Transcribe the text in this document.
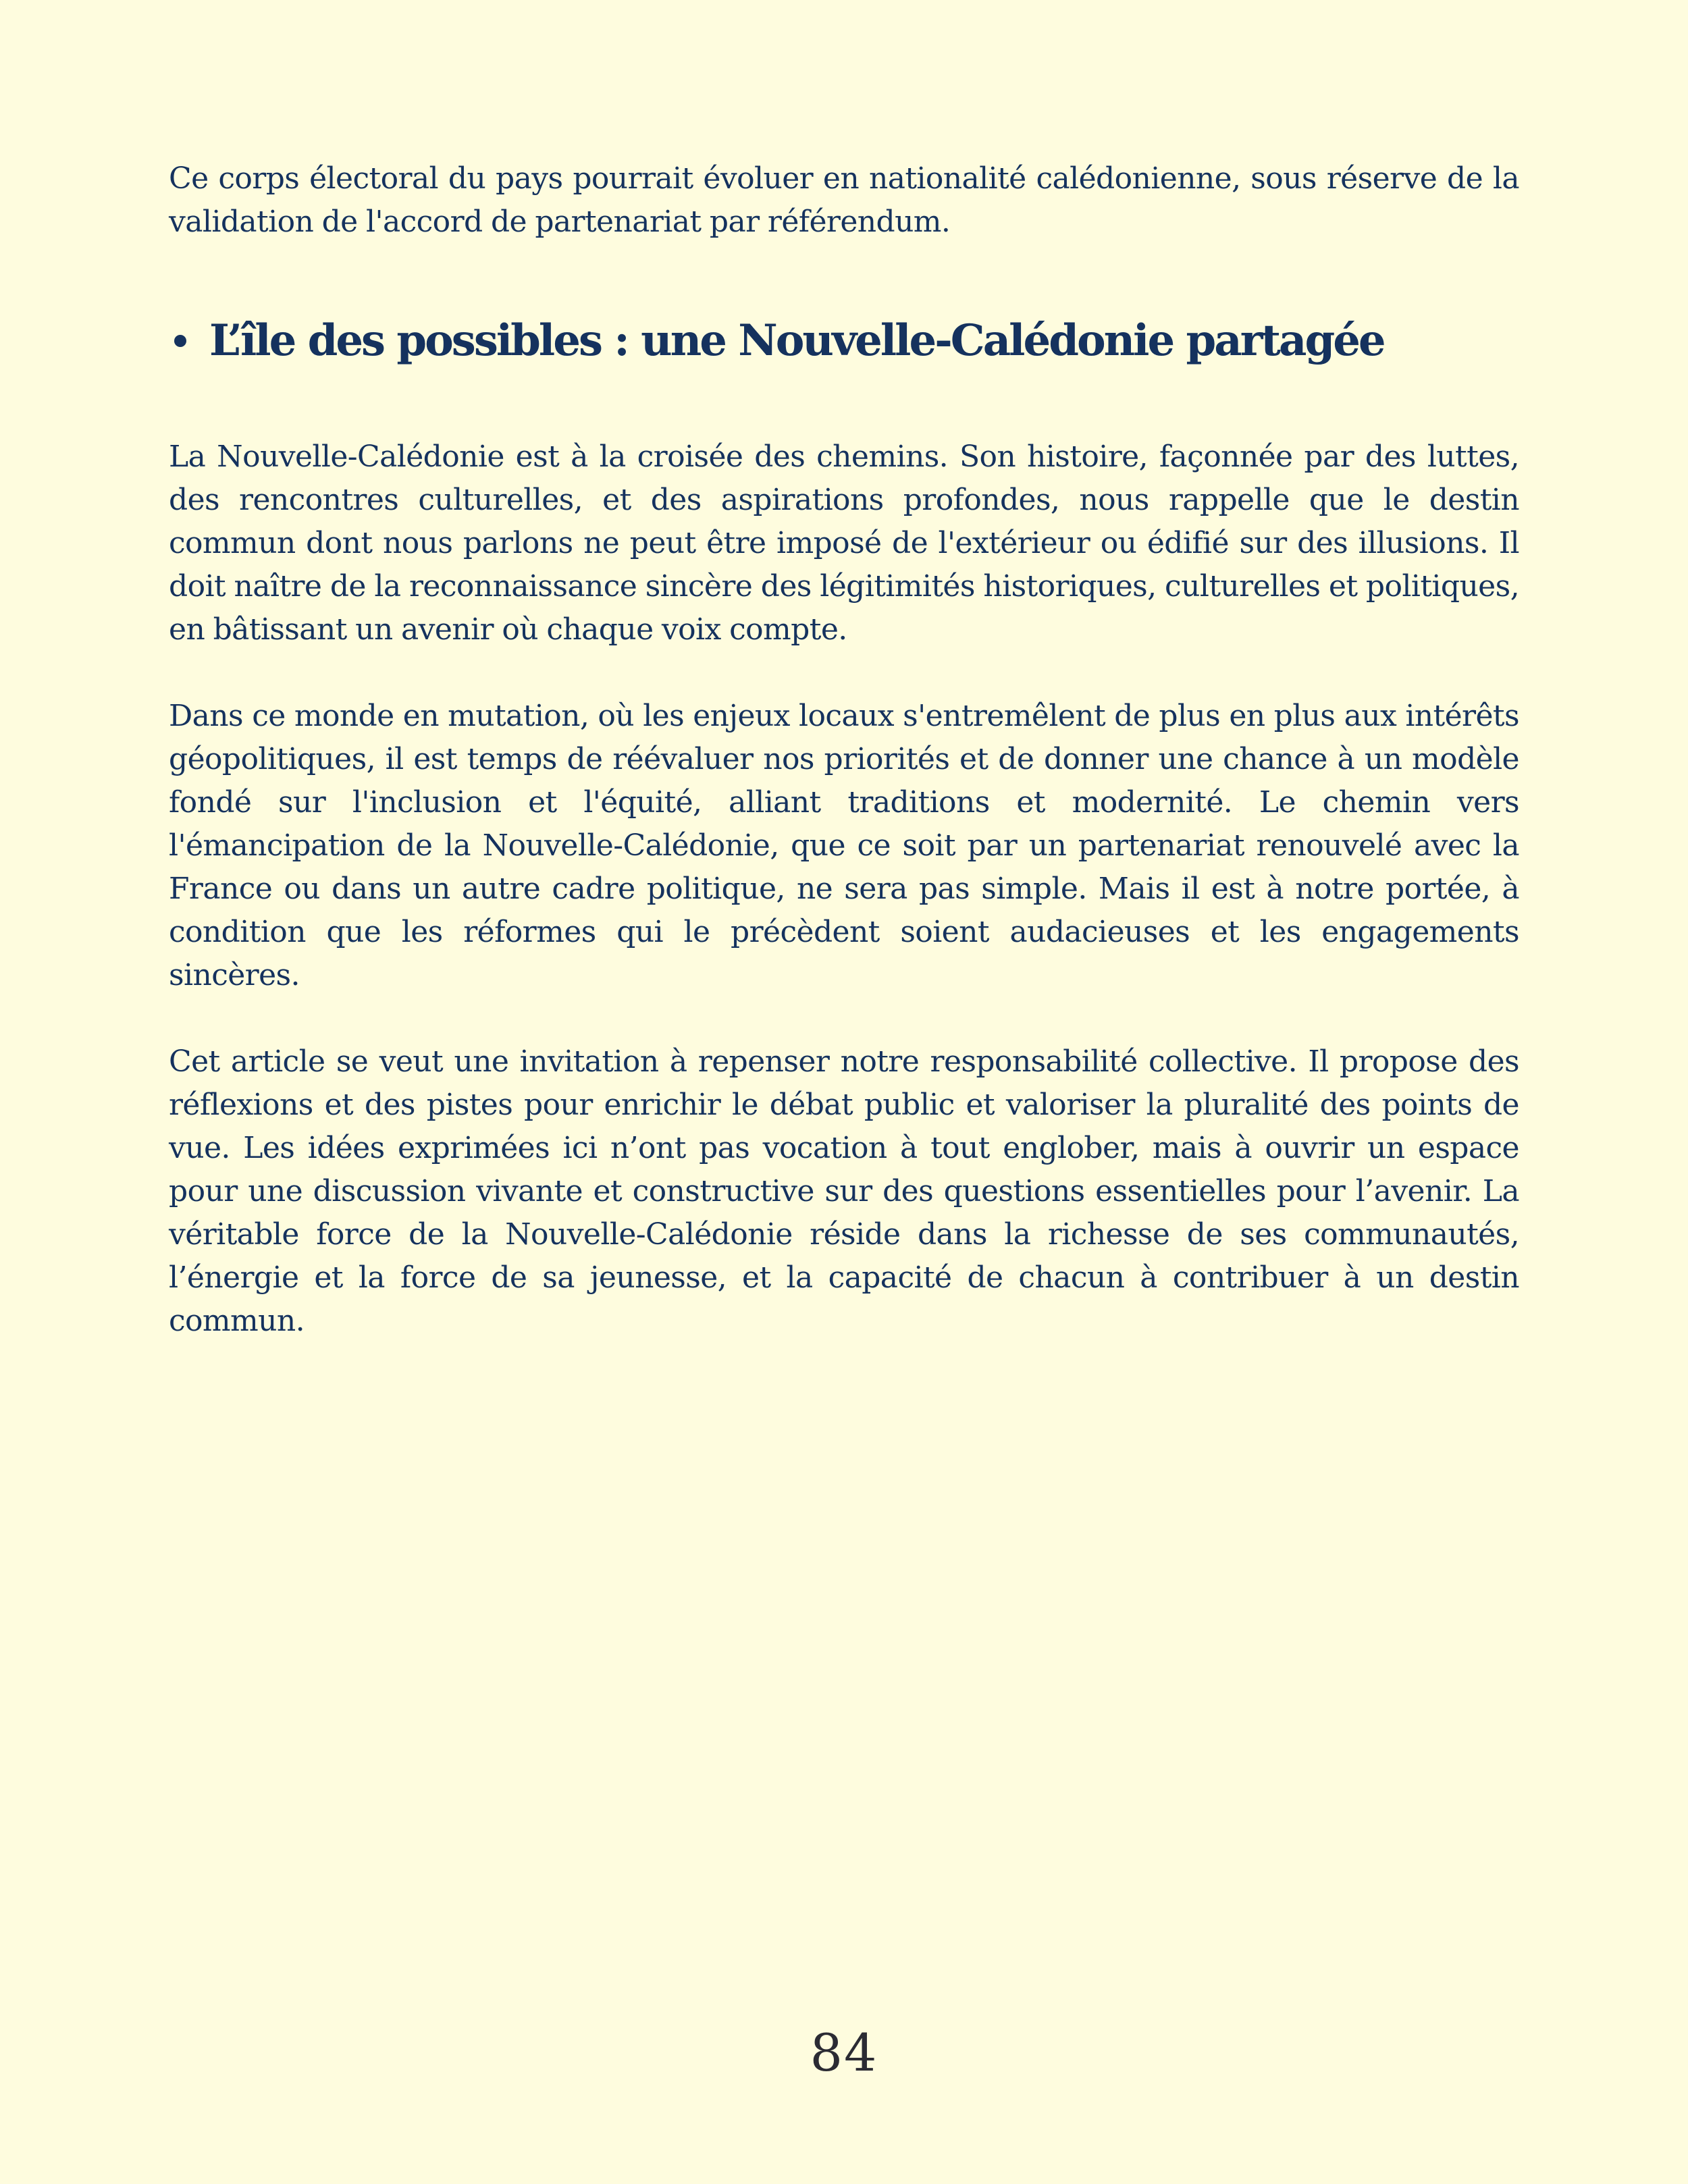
Ce corps électoral du pays pourrait évoluer en nationalité calédonienne, sous réserve de la validation de l'accord de partenariat par référendum.

L’île des possibles : une Nouvelle-Calédonie partagée

La Nouvelle-Calédonie est à la croisée des chemins. Son histoire, façonnée par des luttes, des rencontres culturelles, et des aspirations profondes, nous rappelle que le destin commun dont nous parlons ne peut être imposé de l'extérieur ou édifié sur des illusions. Il doit naître de la reconnaissance sincère des légitimités historiques, culturelles et politiques, en bâtissant un avenir où chaque voix compte.

Dans ce monde en mutation, où les enjeux locaux s'entremêlent de plus en plus aux intérêts géopolitiques, il est temps de réévaluer nos priorités et de donner une chance à un modèle fondé sur l'inclusion et l'équité, alliant traditions et modernité. Le chemin vers l'émancipation de la Nouvelle-Calédonie, que ce soit par un partenariat renouvelé avec la France ou dans un autre cadre politique, ne sera pas simple. Mais il est à notre portée, à condition que les réformes qui le précèdent soient audacieuses et les engagements sincères.

Cet article se veut une invitation à repenser notre responsabilité collective. Il propose des réflexions et des pistes pour enrichir le débat public et valoriser la pluralité des points de vue. Les idées exprimées ici n’ont pas vocation à tout englober, mais à ouvrir un espace pour une discussion vivante et constructive sur des questions essentielles pour l’avenir. La véritable force de la Nouvelle-Calédonie réside dans la richesse de ses communautés, l’énergie et la force de sa jeunesse, et la capacité de chacun à contribuer à un destin commun.

84
